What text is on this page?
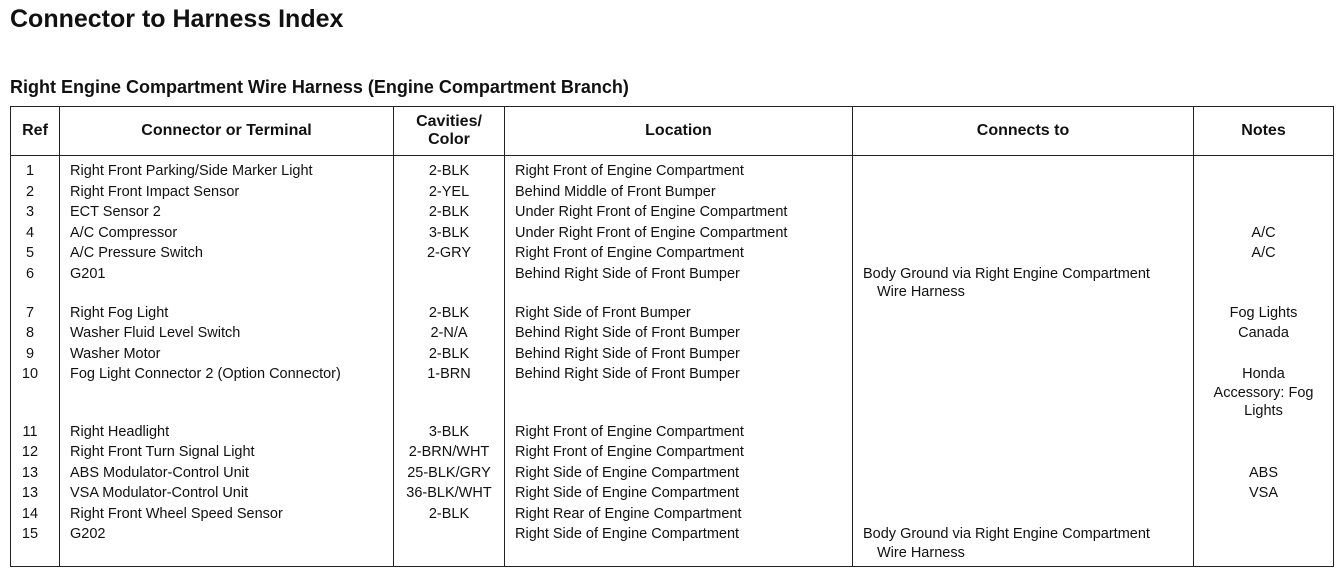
Connector to Harness Index
Right Engine Compartment Wire Harness (Engine Compartment Branch)
Ref	Connector or Terminal	Cavities/
Color	Location	Connects to	Notes
1	Right Front Parking/Side Marker Light	2-BLK	Right Front of Engine Compartment	

2	Right Front Impact Sensor	2-YEL	Behind Middle of Front Bumper	

3	ECT Sensor 2	2-BLK	Under Right Front of Engine Compartment	

4	A/C Compressor	3-BLK	Under Right Front of Engine Compartment		A/C
5	A/C Pressure Switch	2-GRY	Right Front of Engine Compartment		A/C
6	G201		Behind Right Side of Front Bumper	Body Ground via Right Engine Compartment
Wire Harness	

7	Right Fog Light	2-BLK	Right Side of Front Bumper		Fog Lights
8	Washer Fluid Level Switch	2-N/A	Behind Right Side of Front Bumper		Canada
9	Washer Motor	2-BLK	Behind Right Side of Front Bumper	

10	Fog Light Connector 2 (Option Connector)	1-BRN	Behind Right Side of Front Bumper		Honda
Accessory: Fog
Lights
11	Right Headlight	3-BLK	Right Front of Engine Compartment	

12	Right Front Turn Signal Light	2-BRN/WHT	Right Front of Engine Compartment	

13	ABS Modulator-Control Unit	25-BLK/GRY	Right Side of Engine Compartment		ABS
13	VSA Modulator-Control Unit	36-BLK/WHT	Right Side of Engine Compartment		VSA
14	Right Front Wheel Speed Sensor	2-BLK	Right Rear of Engine Compartment	

15	G202		Right Side of Engine Compartment	Body Ground via Right Engine Compartment
Wire Harness	
